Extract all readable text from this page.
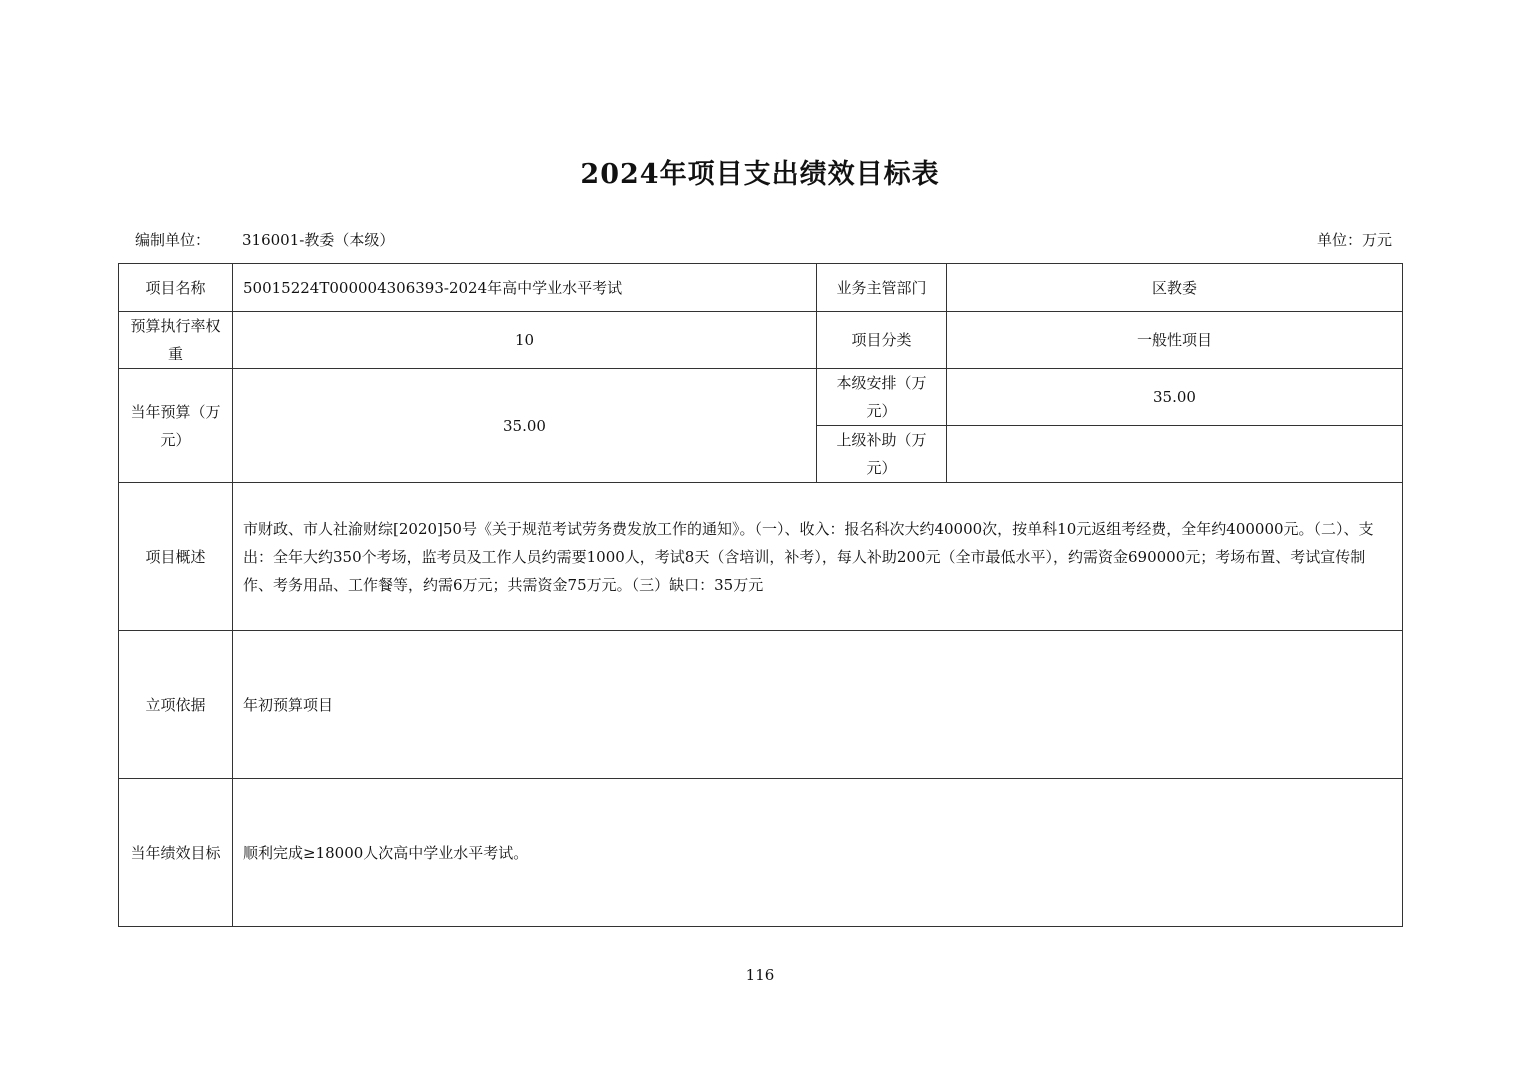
2024年项目支出绩效目标表
编制单位： 316001-教委（本级）	单位：万元
项目名称	50015224T000004306393-2024年高中学业水平考试	业务主管部门	区教委
预算执行率权重	10	项目分类	一般性项目
当年预算（万元）	35.00	本级安排（万元）	35.00
		上级补助（万元）	
项目概述	市财政、市人社渝财综[2020]50号《关于规范考试劳务费发放工作的通知》。（一）、收入：报名科次大约40000次，按单科10元返组考经费，全年约400000元。（二）、支出：全年大约350个考场，监考员及工作人员约需要1000人，考试8天（含培训，补考），每人补助200元（全市最低水平），约需资金690000元；考场布置、考试宣传制作、考务用品、工作餐等，约需6万元；共需资金75万元。（三）缺口：35万元		
立项依据	年初预算项目		
当年绩效目标	顺利完成≥18000人次高中学业水平考试。		
116
